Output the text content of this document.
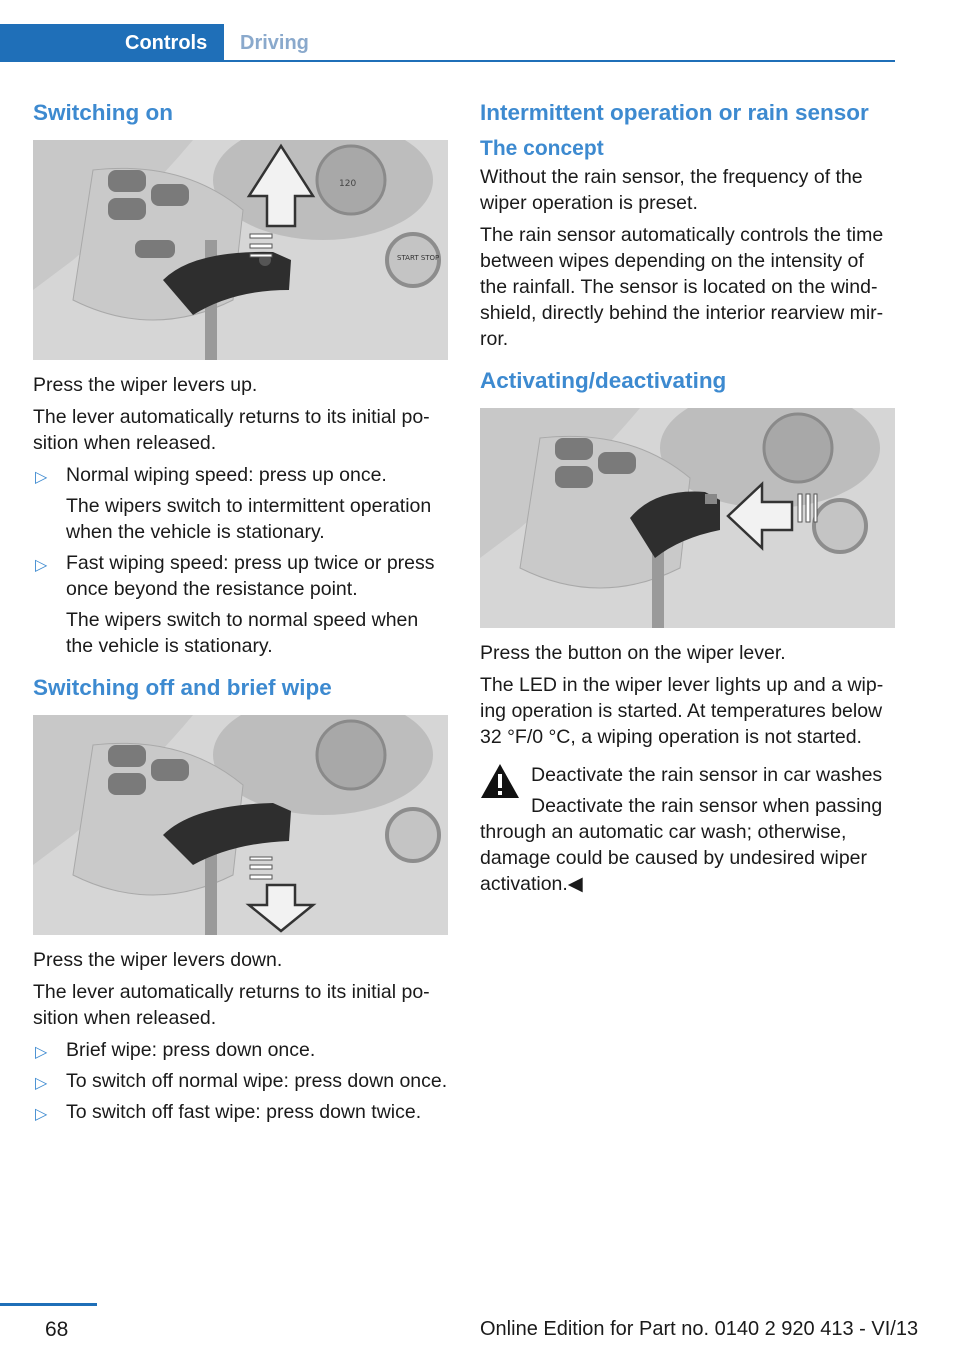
Controls	Driving
Switching on
120
START STOP

Press the wiper levers up.

The lever automatically returns to its initial po‐sition when released.

▷ Normal wiping speed: press up once.
The wipers switch to intermittent operation when the vehicle is stationary.
▷ Fast wiping speed: press up twice or press once beyond the resistance point.
The wipers switch to normal speed when the vehicle is stationary.
Switching off and brief wipe

Press the wiper levers down.

The lever automatically returns to its initial po‐sition when released.

▷ Brief wipe: press down once.
▷ To switch off normal wipe: press down once.
▷ To switch off fast wipe: press down twice.
Intermittent operation or rain sensor
The concept

Without the rain sensor, the frequency of the wiper operation is preset.

The rain sensor automatically controls the time between wipes depending on the intensity of the rainfall. The sensor is located on the wind‐shield, directly behind the interior rearview mir‐ror.

Activating/deactivating

Press the button on the wiper lever.

The LED in the wiper lever lights up and a wip‐ing operation is started. At temperatures below 32 °F/0 °C, a wiping operation is not started.

Deactivate the rain sensor in car washes
Deactivate the rain sensor when passing through an automatic car wash; otherwise, damage could be caused by undesired wiper activation.◀
68	Online Edition for Part no. 0140 2 920 413 - VI/13
